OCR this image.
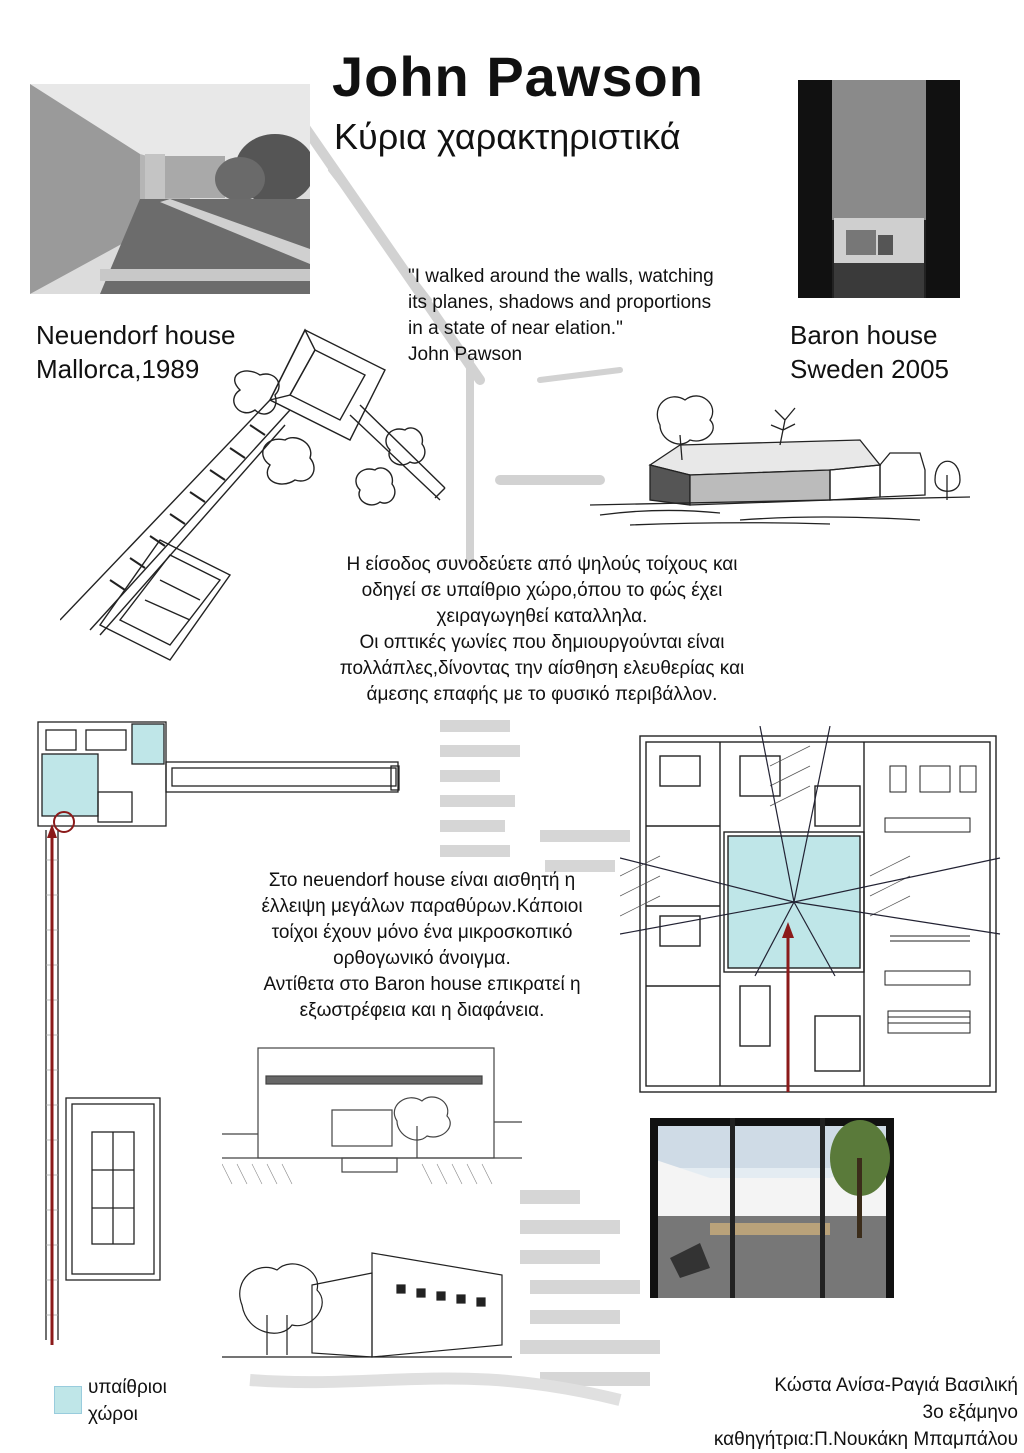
John Pawson
Κύρια χαρακτηριστικά
Neuendorf house
Mallorca,1989
Baron house
Sweden 2005
"I walked around the walls, watching
its planes, shadows and proportions
in a state of near elation."
John Pawson
Η είσοδος συνοδεύετε από ψηλούς τοίχους και
οδηγεί σε υπαίθριο χώρο,όπου το φώς έχει
χειραγωγηθεί καταλληλα.
Οι οπτικές γωνίες που δημιουργούνται είναι
πολλάπλες,δίνοντας την αίσθηση ελευθερίας και
άμεσης επαφής με το φυσικό περιβάλλον.
Στο neuendorf house είναι αισθητή η
έλλειψη μεγάλων παραθύρων.Κάποιοι
τοίχοι έχουν μόνο ένα μικροσκοπικό
ορθογωνικό άνοιγμα.
Αντίθετα στο Baron house επικρατεί η
εξωστρέφεια και η διαφάνεια.
υπαίθριοι
χώροι
Κώστα Ανίσα-Ραγιά Βασιλική
3ο εξάμηνο
καθηγήτρια:Π.Νουκάκη Μπαμπάλου
